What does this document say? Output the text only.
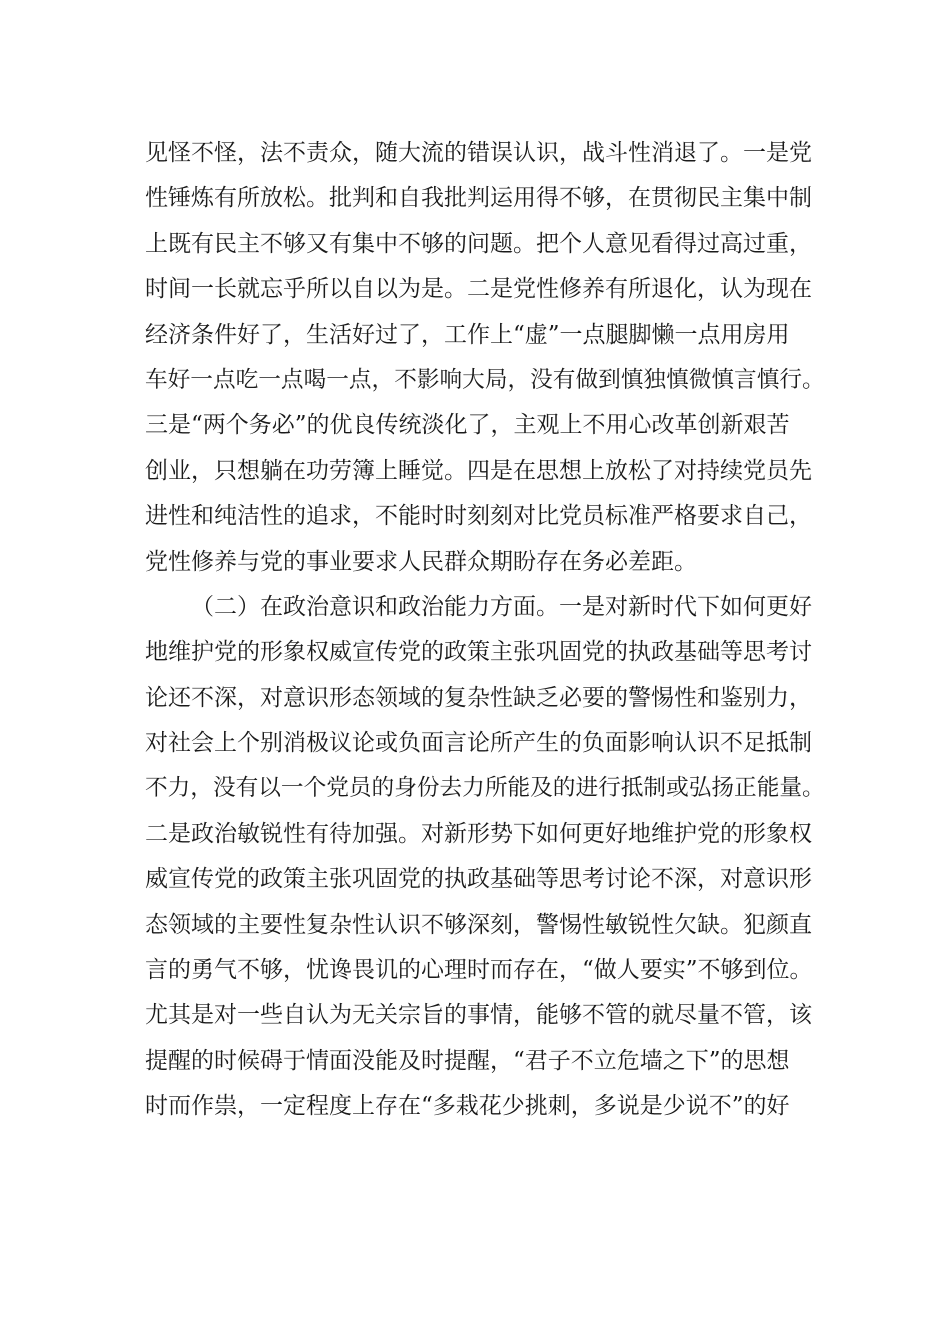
见怪不怪，法不责众，随大流的错误认识，战斗性消退了。一是党
性锤炼有所放松。批判和自我批判运用得不够，在贯彻民主集中制
上既有民主不够又有集中不够的问题。把个人意见看得过高过重，
时间一长就忘乎所以自以为是。二是党性修养有所退化，认为现在
经济条件好了，生活好过了，工作上“虚”一点腿脚懒一点用房用
车好一点吃一点喝一点，不影响大局，没有做到慎独慎微慎言慎行。
三是“两个务必”的优良传统淡化了，主观上不用心改革创新艰苦
创业，只想躺在功劳簿上睡觉。四是在思想上放松了对持续党员先
进性和纯洁性的追求，不能时时刻刻对比党员标准严格要求自己，
党性修养与党的事业要求人民群众期盼存在务必差距。
（二）在政治意识和政治能力方面。一是对新时代下如何更好
地维护党的形象权威宣传党的政策主张巩固党的执政基础等思考讨
论还不深，对意识形态领域的复杂性缺乏必要的警惕性和鉴别力，
对社会上个别消极议论或负面言论所产生的负面影响认识不足抵制
不力，没有以一个党员的身份去力所能及的进行抵制或弘扬正能量。
二是政治敏锐性有待加强。对新形势下如何更好地维护党的形象权
威宣传党的政策主张巩固党的执政基础等思考讨论不深，对意识形
态领域的主要性复杂性认识不够深刻，警惕性敏锐性欠缺。犯颜直
言的勇气不够，忧谗畏讥的心理时而存在，“做人要实”不够到位。
尤其是对一些自认为无关宗旨的事情，能够不管的就尽量不管，该
提醒的时候碍于情面没能及时提醒，“君子不立危墙之下”的思想
时而作祟，一定程度上存在“多栽花少挑刺，多说是少说不”的好
